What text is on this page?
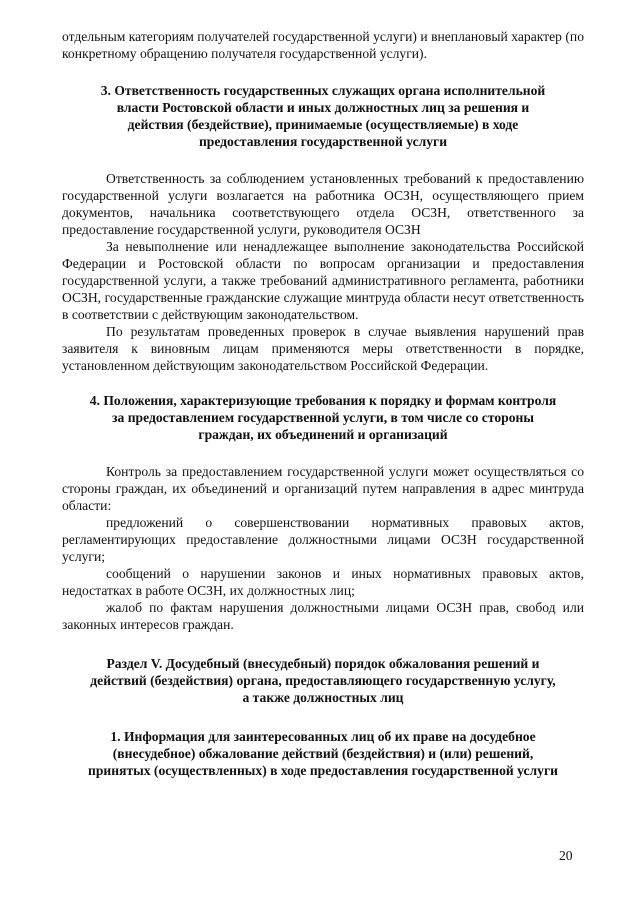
отдельным категориям получателей государственной услуги) и внеплановый характер (по конкретному обращению получателя государственной услуги).

3. Ответственность государственных служащих органа исполнительной
власти Ростовской области и иных должностных лиц за решения и
действия (бездействие), принимаемые (осуществляемые) в ходе
предоставления государственной услуги

Ответственность за соблюдением установленных требований к предоставлению государственной услуги возлагается на работника ОСЗН, осуществляющего прием документов, начальника соответствующего отдела ОСЗН, ответственного за предоставление государственной услуги, руководителя ОСЗН

За невыполнение или ненадлежащее выполнение законодательства Российской Федерации и Ростовской области по вопросам организации и предоставления государственной услуги, а также требований административного регламента, работники ОСЗН, государственные гражданские служащие минтруда области несут ответственность в соответствии с действующим законодательством.

По результатам проведенных проверок в случае выявления нарушений прав заявителя к виновным лицам применяются меры ответственности в порядке, установленном действующим законодательством Российской Федерации.

4. Положения, характеризующие требования к порядку и формам контроля
за предоставлением государственной услуги, в том числе со стороны
граждан, их объединений и организаций

Контроль за предоставлением государственной услуги может осуществляться со стороны граждан, их объединений и организаций путем направления в адрес минтруда области:

предложений о совершенствовании нормативных правовых актов, регламентирующих предоставление должностными лицами ОСЗН государственной услуги;

сообщений о нарушении законов и иных нормативных правовых актов, недостатках в работе ОСЗН, их должностных лиц;

жалоб по фактам нарушения должностными лицами ОСЗН прав, свобод или законных интересов граждан.

Раздел V. Досудебный (внесудебный) порядок обжалования решений и
действий (бездействия) органа, предоставляющего государственную услугу,
а также должностных лиц
1. Информация для заинтересованных лиц об их праве на досудебное
(внесудебное) обжалование действий (бездействия) и (или) решений,
принятых (осуществленных) в ходе предоставления государственной услуги
20
